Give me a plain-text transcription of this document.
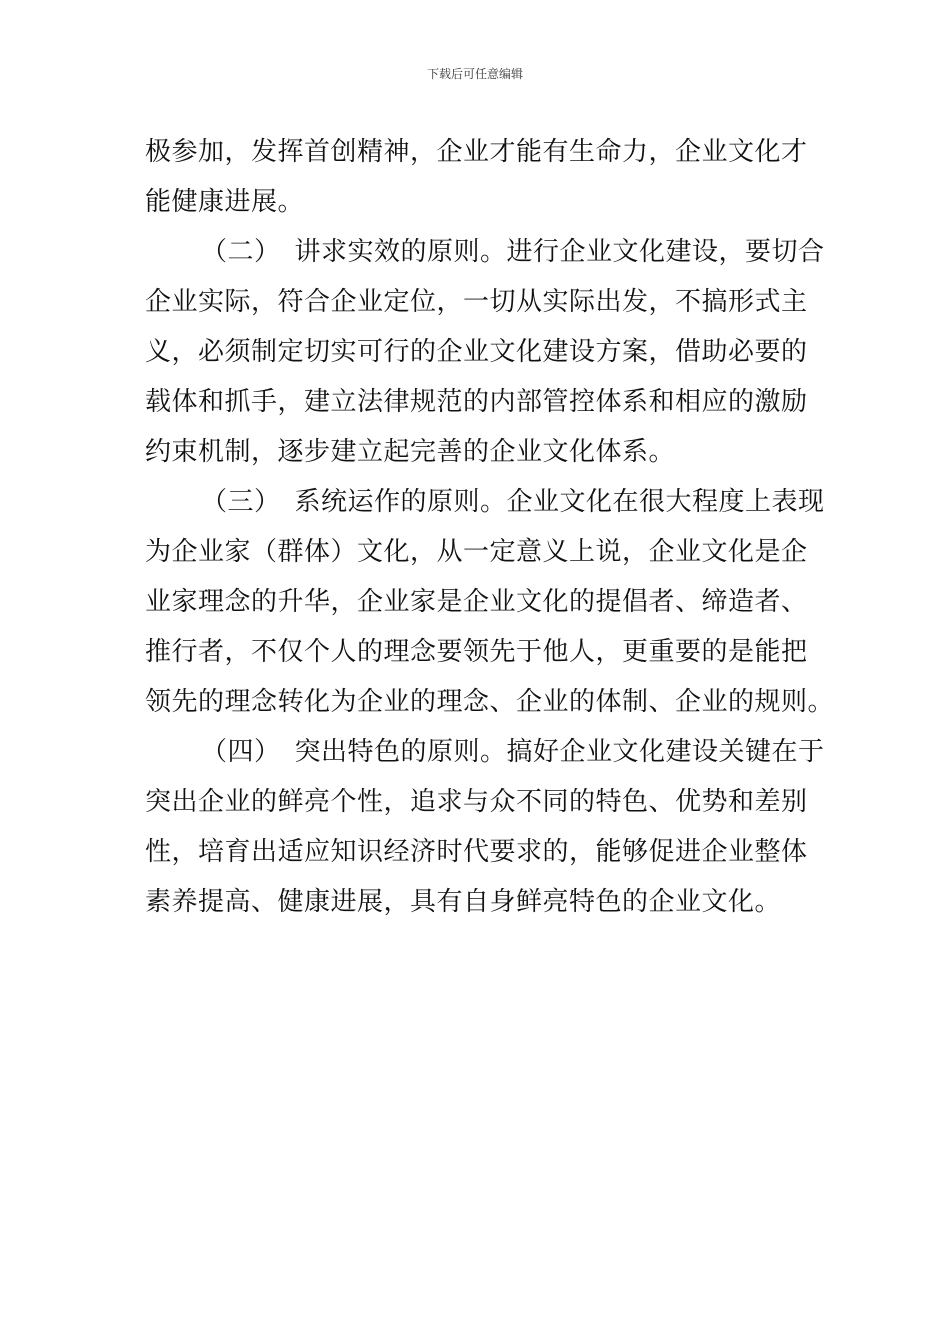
下载后可任意编辑
极参加，发挥首创精神，企业才能有生命力，企业文化才
能健康进展。
（二） 讲求实效的原则。进行企业文化建设，要切合
企业实际，符合企业定位，一切从实际出发，不搞形式主
义，必须制定切实可行的企业文化建设方案，借助必要的
载体和抓手，建立法律规范的内部管控体系和相应的激励
约束机制，逐步建立起完善的企业文化体系。
（三） 系统运作的原则。企业文化在很大程度上表现
为企业家（群体）文化，从一定意义上说，企业文化是企
业家理念的升华，企业家是企业文化的提倡者、缔造者、
推行者，不仅个人的理念要领先于他人，更重要的是能把
领先的理念转化为企业的理念、企业的体制、企业的规则。
（四） 突出特色的原则。搞好企业文化建设关键在于
突出企业的鲜亮个性，追求与众不同的特色、优势和差别
性，培育出适应知识经济时代要求的，能够促进企业整体
素养提高、健康进展，具有自身鲜亮特色的企业文化。
